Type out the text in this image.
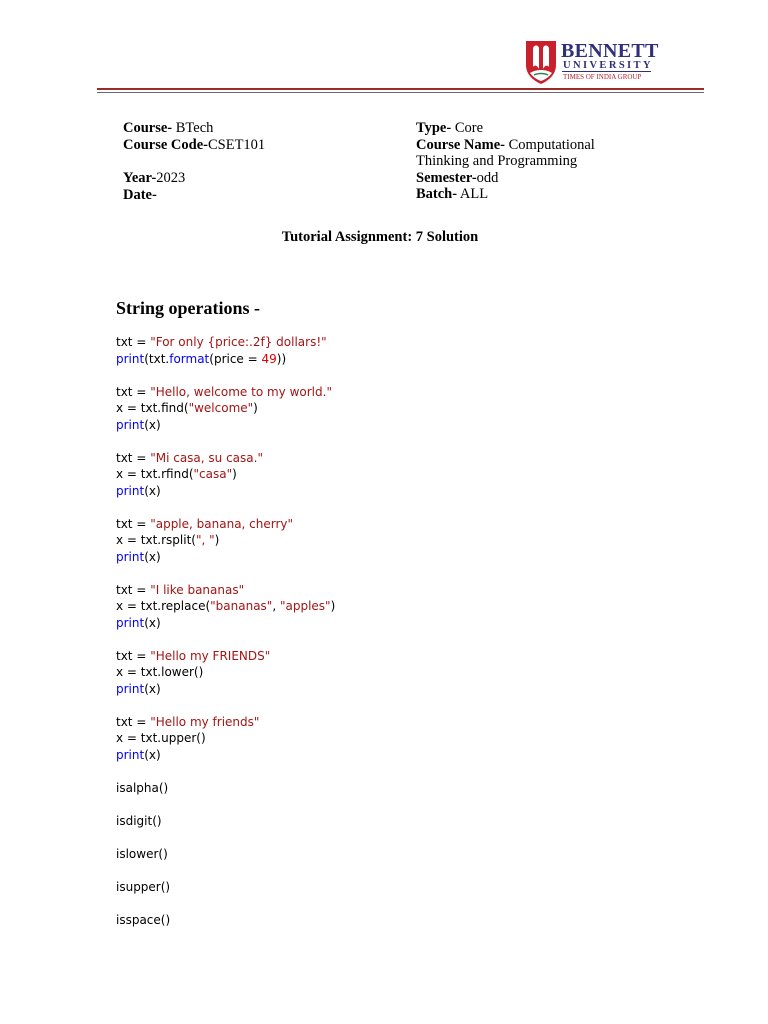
BENNETT
UNIVERSITY
TIMES OF INDIA GROUP
Course- BTech
Course Code-CSET101
Year-2023
Date-
Type- Core
Course Name- Computational Thinking and Programming
Semester-odd
Batch- ALL
Tutorial Assignment: 7 Solution
String operations -
txt = "For only {price:.2f} dollars!"
print(txt.format(price = 49))
txt = "Hello, welcome to my world."
x = txt.find("welcome")
print(x)
txt = "Mi casa, su casa."
x = txt.rfind("casa")
print(x)
txt = "apple, banana, cherry"
x = txt.rsplit(", ")
print(x)
txt = "I like bananas"
x = txt.replace("bananas", "apples")
print(x)
txt = "Hello my FRIENDS"
x = txt.lower()
print(x)
txt = "Hello my friends"
x = txt.upper()
print(x)
isalpha()
isdigit()
islower()
isupper()
isspace()
